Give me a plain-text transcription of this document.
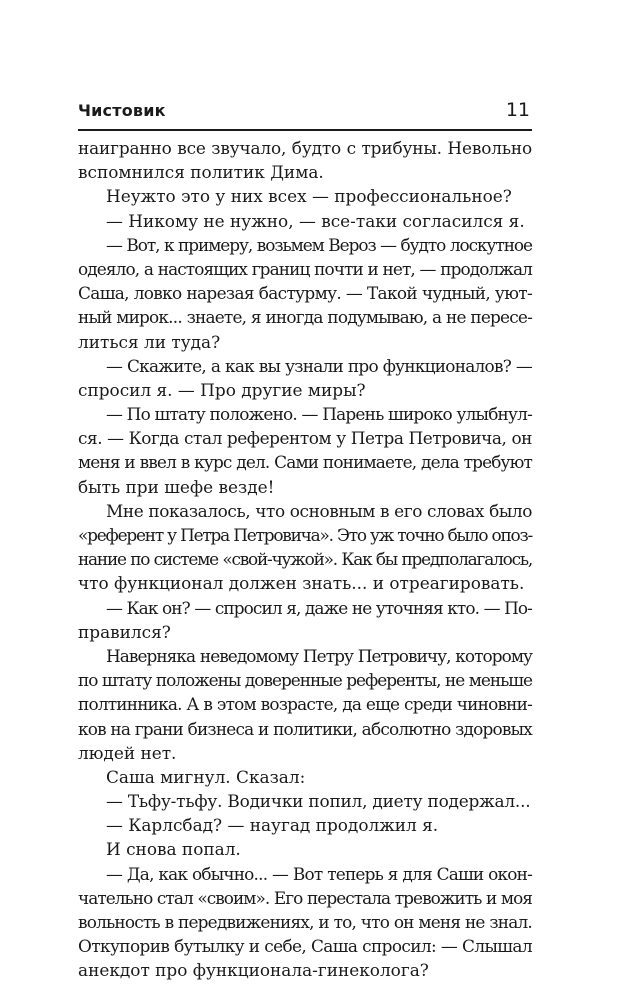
Чистовик	11
наигранно все звучало, будто с трибуны. Невольно
вспомнился политик Дима.
Неужто это у них всех — профессиональное?
— Никому не нужно, — все-таки согласился я.
— Вот, к примеру, возьмем Вероз — будто лоскутное
одеяло, а настоящих границ почти и нет, — продолжал
Саша, ловко нарезая бастурму. — Такой чудный, уют-
ный мирок... знаете, я иногда подумываю, а не пересе-
литься ли туда?
— Скажите, а как вы узнали про функционалов? —
спросил я. — Про другие миры?
— По штату положено. — Парень широко улыбнул-
ся. — Когда стал референтом у Петра Петровича, он
меня и ввел в курс дел. Сами понимаете, дела требуют
быть при шефе везде!
Мне показалось, что основным в его словах было
«референт у Петра Петровича». Это уж точно было опоз-
нание по системе «свой-чужой». Как бы предполагалось,
что функционал должен знать... и отреагировать.
— Как он? — спросил я, даже не уточняя кто. — По-
правился?
Наверняка неведомому Петру Петровичу, которому
по штату положены доверенные референты, не меньше
полтинника. А в этом возрасте, да еще среди чиновни-
ков на грани бизнеса и политики, абсолютно здоровых
людей нет.
Саша мигнул. Сказал:
— Тьфу-тьфу. Водички попил, диету подержал...
— Карлсбад? — наугад продолжил я.
И снова попал.
— Да, как обычно... — Вот теперь я для Саши окон-
чательно стал «своим». Его перестала тревожить и моя
вольность в передвижениях, и то, что он меня не знал.
Откупорив бутылку и себе, Саша спросил: — Слышал
анекдот про функционала-гинеколога?
